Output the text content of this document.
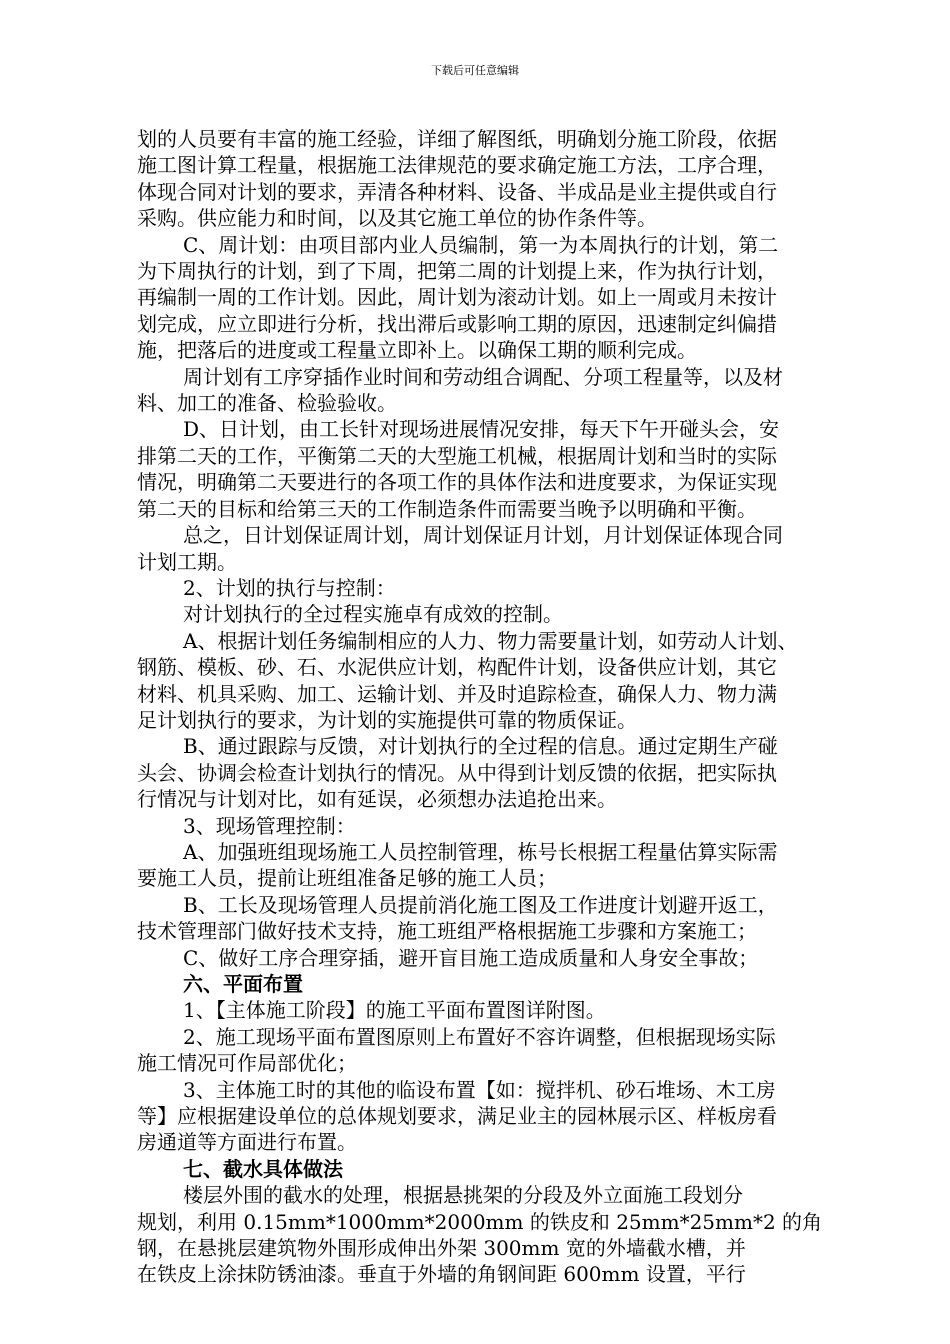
下载后可任意编辑
划的人员要有丰富的施工经验，详细了解图纸，明确划分施工阶段，依据
施工图计算工程量，根据施工法律规范的要求确定施工方法，工序合理，
体现合同对计划的要求，弄清各种材料、设备、半成品是业主提供或自行
采购。供应能力和时间，以及其它施工单位的协作条件等。
C、周计划：由项目部内业人员编制，第一为本周执行的计划，第二
为下周执行的计划，到了下周，把第二周的计划提上来，作为执行计划，
再编制一周的工作计划。因此，周计划为滚动计划。如上一周或月未按计
划完成，应立即进行分析，找出滞后或影响工期的原因，迅速制定纠偏措
施，把落后的进度或工程量立即补上。以确保工期的顺利完成。
周计划有工序穿插作业时间和劳动组合调配、分项工程量等，以及材
料、加工的准备、检验验收。
D、日计划，由工长针对现场进展情况安排，每天下午开碰头会，安
排第二天的工作，平衡第二天的大型施工机械，根据周计划和当时的实际
情况，明确第二天要进行的各项工作的具体作法和进度要求，为保证实现
第二天的目标和给第三天的工作制造条件而需要当晚予以明确和平衡。
总之，日计划保证周计划，周计划保证月计划，月计划保证体现合同
计划工期。
2、计划的执行与控制：
对计划执行的全过程实施卓有成效的控制。
A、根据计划任务编制相应的人力、物力需要量计划，如劳动人计划、
钢筋、模板、砂、石、水泥供应计划，构配件计划，设备供应计划，其它
材料、机具采购、加工、运输计划、并及时追踪检查，确保人力、物力满
足计划执行的要求，为计划的实施提供可靠的物质保证。
B、通过跟踪与反馈，对计划执行的全过程的信息。通过定期生产碰
头会、协调会检查计划执行的情况。从中得到计划反馈的依据，把实际执
行情况与计划对比，如有延误，必须想办法追抢出来。
3、现场管理控制：
A、加强班组现场施工人员控制管理，栋号长根据工程量估算实际需
要施工人员，提前让班组准备足够的施工人员；
B、工长及现场管理人员提前消化施工图及工作进度计划避开返工，
技术管理部门做好技术支持，施工班组严格根据施工步骤和方案施工；
C、做好工序合理穿插，避开盲目施工造成质量和人身安全事故；
六、平面布置
1、【主体施工阶段】的施工平面布置图详附图。
2、施工现场平面布置图原则上布置好不容许调整，但根据现场实际
施工情况可作局部优化；
3、主体施工时的其他的临设布置【如：搅拌机、砂石堆场、木工房
等】应根据建设单位的总体规划要求，满足业主的园林展示区、样板房看
房通道等方面进行布置。
七、截水具体做法
楼层外围的截水的处理，根据悬挑架的分段及外立面施工段划分
规划，利用 0.15mm*1000mm*2000mm 的铁皮和 25mm*25mm*2 的角
钢，在悬挑层建筑物外围形成伸出外架 300mm 宽的外墙截水槽，并
在铁皮上涂抹防锈油漆。垂直于外墙的角钢间距 600mm 设置，平行
